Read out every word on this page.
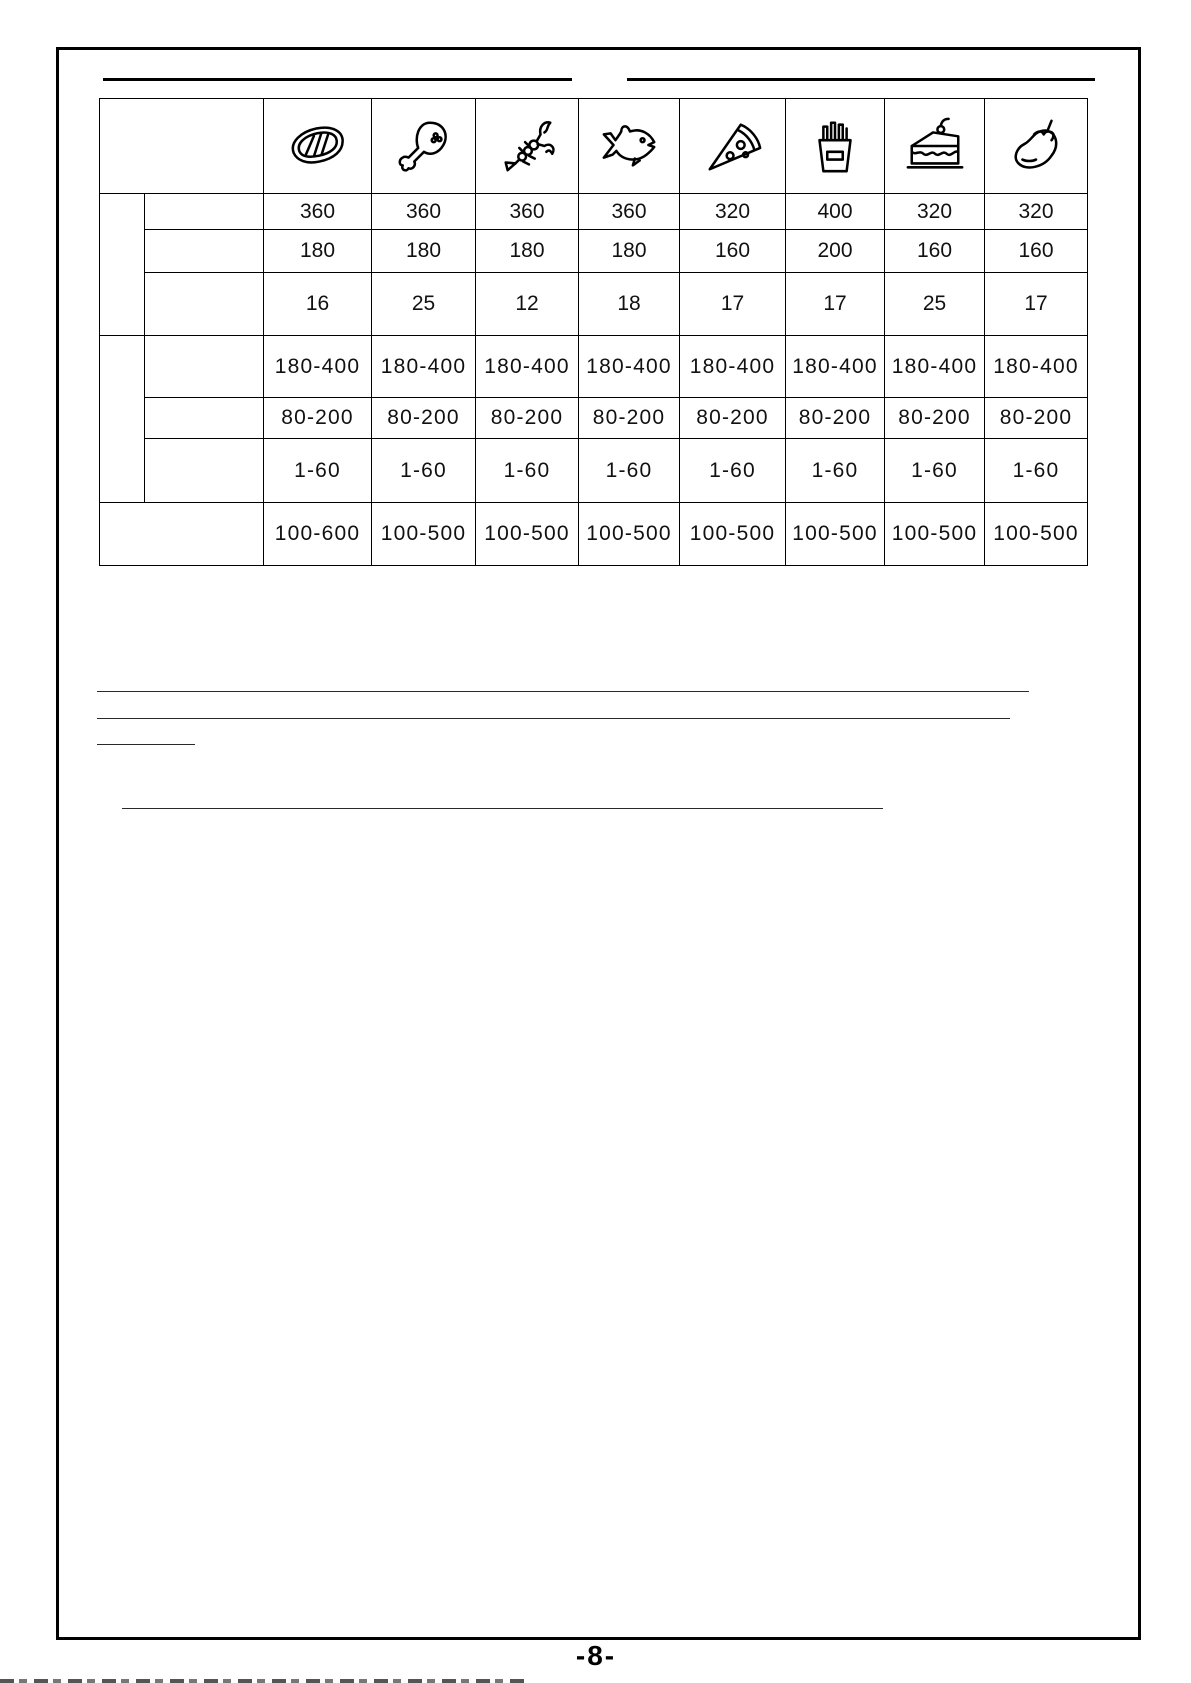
		360	360	360	360	320	400	320	320
		180	180	180	180	160	200	160	160
		16	25	12	18	17	17	25	17
		180-400	180-400	180-400	180-400	180-400	180-400	180-400	180-400
		80-200	80-200	80-200	80-200	80-200	80-200	80-200	80-200
		1-60	1-60	1-60	1-60	1-60	1-60	1-60	1-60
		100-600	100-500	100-500	100-500	100-500	100-500	100-500	100-500
-8-
